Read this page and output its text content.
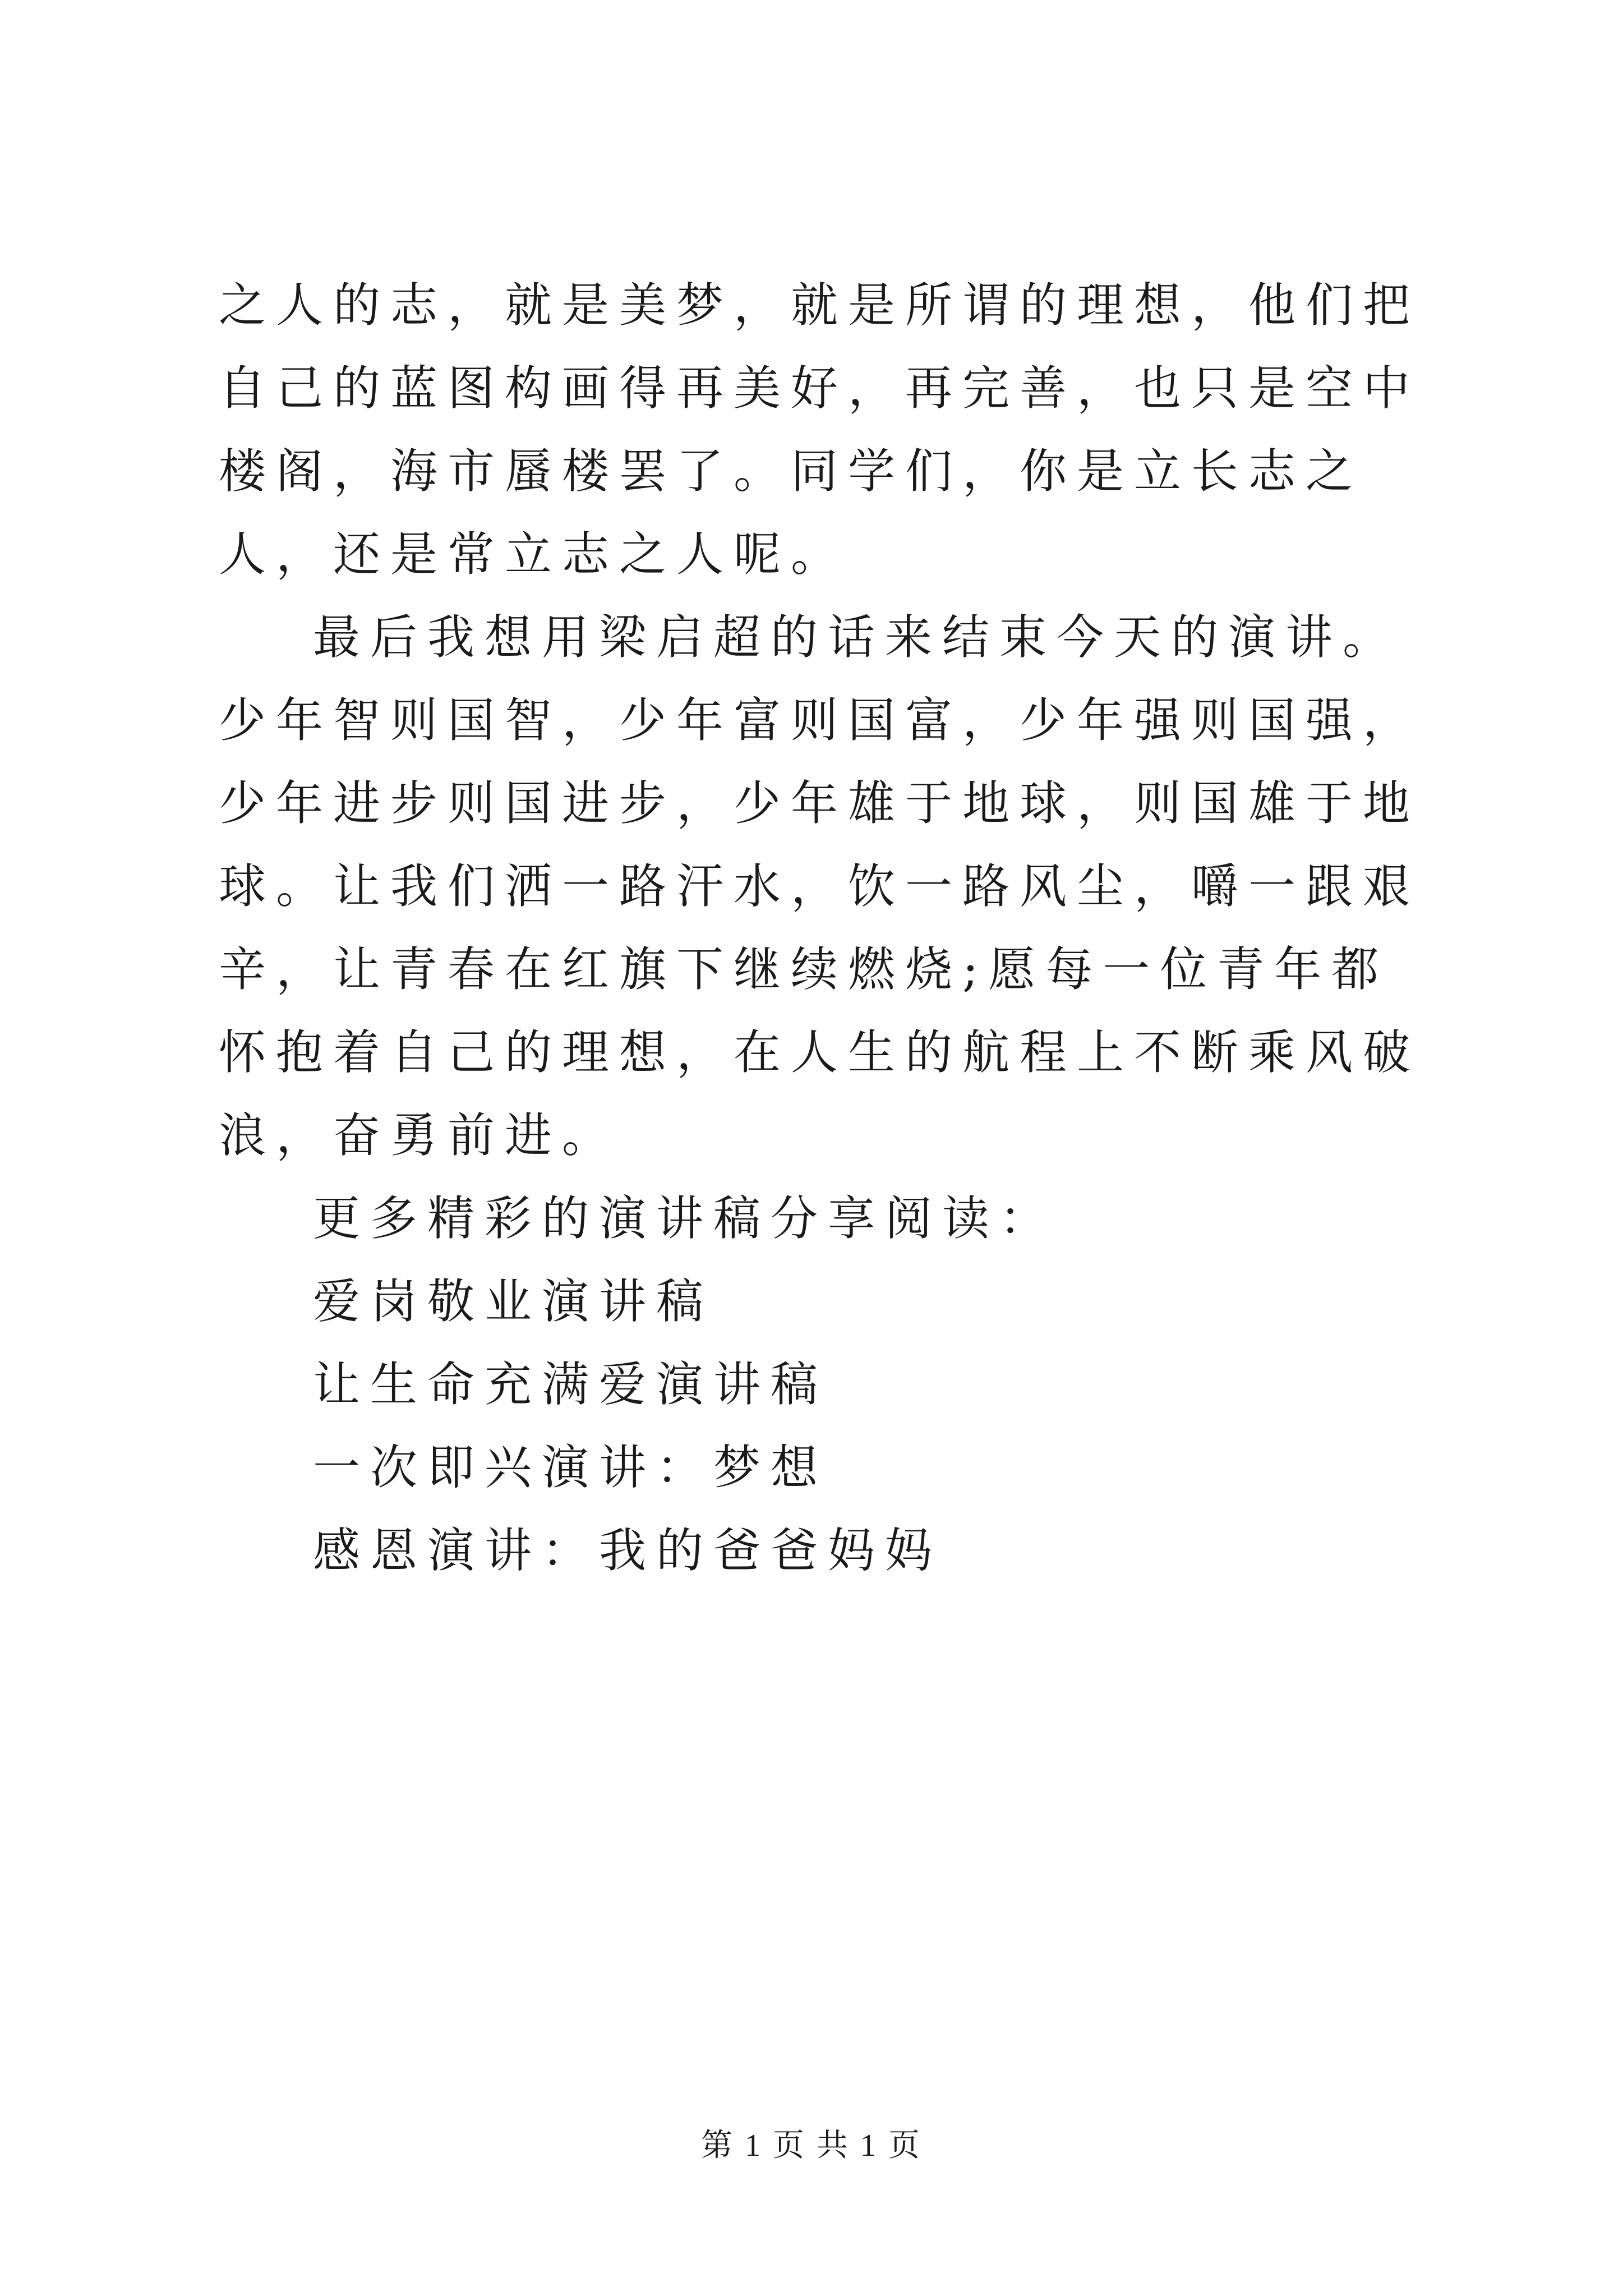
之人的志，就是美梦，就是所谓的理想，他们把自己的蓝图构画得再美好，再完善，也只是空中楼阁，海市蜃楼罢了。同学们，你是立长志之人，还是常立志之人呢。

最后我想用梁启超的话来结束今天的演讲。少年智则国智，少年富则国富，少年强则国强，少年进步则国进步，少年雄于地球，则国雄于地球。让我们洒一路汗水，饮一路风尘，嚼一跟艰辛，让青春在红旗下继续燃烧;愿每一位青年都怀抱着自己的理想，在人生的航程上不断乘风破浪，奋勇前进。

更多精彩的演讲稿分享阅读：

爱岗敬业演讲稿
让生命充满爱演讲稿
一次即兴演讲：梦想
感恩演讲：我的爸爸妈妈
第 1 页 共 1 页
